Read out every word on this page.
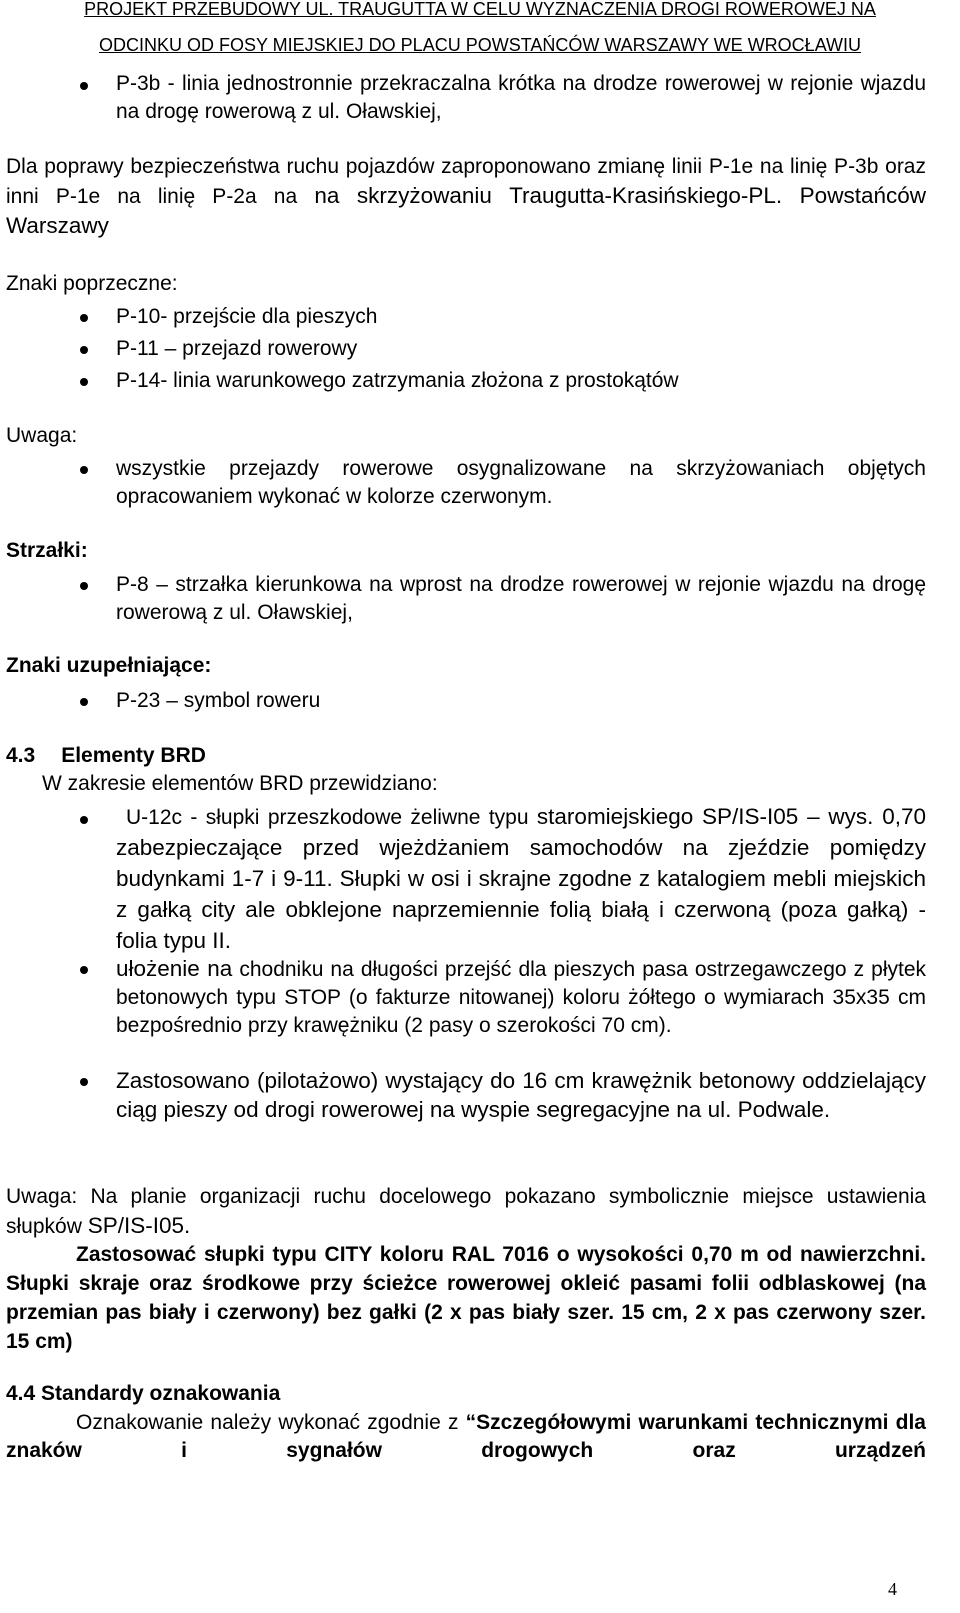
PROJEKT PRZEBUDOWY UL. TRAUGUTTA W CELU WYZNACZENIA DROGI ROWEROWEJ NA
ODCINKU OD FOSY MIEJSKIEJ DO PLACU POWSTAŃCÓW WARSZAWY WE WROCŁAWIU
P-3b - linia jednostronnie przekraczalna krótka na drodze rowerowej w rejonie wjazdu na drogę rowerową z ul. Oławskiej,
Dla poprawy bezpieczeństwa ruchu pojazdów zaproponowano zmianę linii P-1e na linię P-3b oraz inni P-1e na linię P-2a na na skrzyżowaniu Traugutta-Krasińskiego-PL. Powstańców Warszawy
Znaki poprzeczne:
P-10- przejście dla pieszych
P-11 – przejazd rowerowy
P-14- linia warunkowego zatrzymania złożona z prostokątów
Uwaga:
wszystkie przejazdy rowerowe osygnalizowane na skrzyżowaniach objętych opracowaniem wykonać w kolorze czerwonym.
Strzałki:
P-8 – strzałka kierunkowa na wprost na drodze rowerowej w rejonie wjazdu na drogę rowerową z ul. Oławskiej,
Znaki uzupełniające:
P-23 – symbol roweru
4.3 Elementy BRD
W zakresie elementów BRD przewidziano:
U-12c - słupki przeszkodowe żeliwne typu staromiejskiego SP/IS-I05 – wys. 0,70 zabezpieczające przed wjeżdżaniem samochodów na zjeździe pomiędzy budynkami 1-7 i 9-11. Słupki w osi i skrajne zgodne z katalogiem mebli miejskich z gałką city ale obklejone naprzemiennie folią białą i czerwoną (poza gałką) - folia typu II.
ułożenie na chodniku na długości przejść dla pieszych pasa ostrzegawczego z płytek betonowych typu STOP (o fakturze nitowanej) koloru żółtego o wymiarach 35x35 cm bezpośrednio przy krawężniku (2 pasy o szerokości 70 cm).
Zastosowano (pilotażowo) wystający do 16 cm krawężnik betonowy oddzielający ciąg pieszy od drogi rowerowej na wyspie segregacyjne na ul. Podwale.
Uwaga: Na planie organizacji ruchu docelowego pokazano symbolicznie miejsce ustawienia słupków SP/IS-I05.
Zastosować słupki typu CITY koloru RAL 7016 o wysokości 0,70 m od nawierzchni. Słupki skraje oraz środkowe przy ścieżce rowerowej okleić pasami folii odblaskowej (na przemian pas biały i czerwony) bez gałki (2 x pas biały szer. 15 cm, 2 x pas czerwony szer. 15 cm)
4.4 Standardy oznakowania
Oznakowanie należy wykonać zgodnie z “Szczegółowymi warunkami technicznymi dla znaków i sygnałów drogowych oraz urządzeń
4
